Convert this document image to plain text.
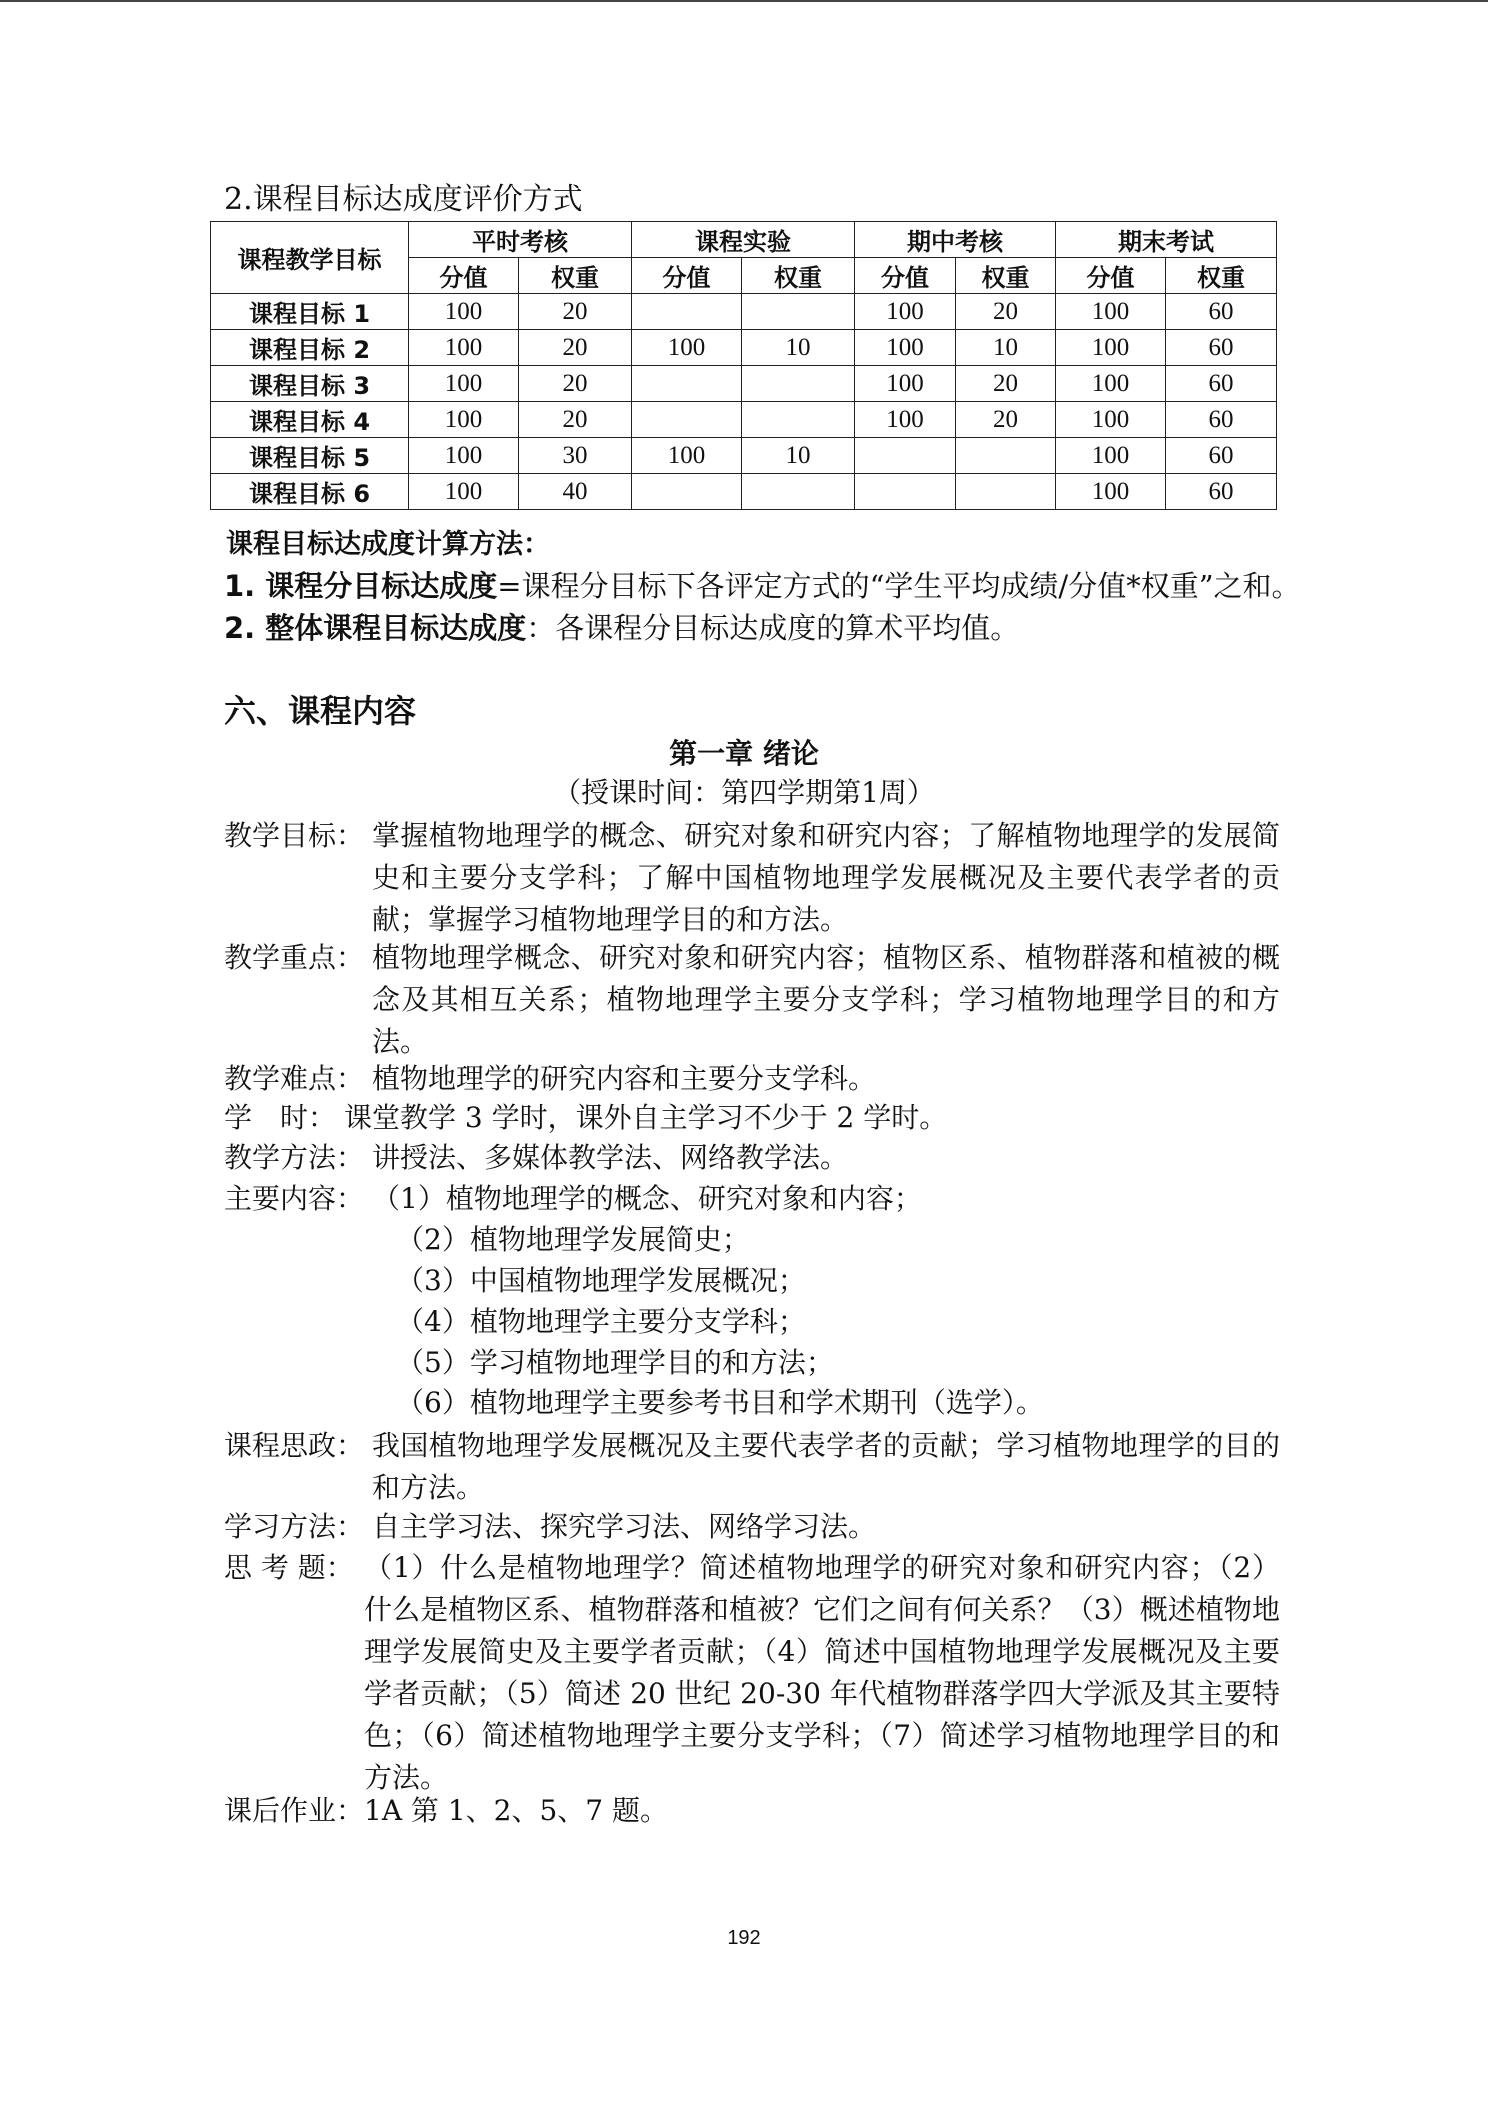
2.课程目标达成度评价方式
课程教学目标	平时考核		课程实验		期中考核		期末考试	
	分值	权重	分值	权重	分值	权重	分值	权重
课程目标 1	100	20			100	20	100	60
课程目标 2	100	20	100	10	100	10	100	60
课程目标 3	100	20			100	20	100	60
课程目标 4	100	20			100	20	100	60
课程目标 5	100	30	100	10			100	60
课程目标 6	100	40					100	60
课程目标达成度计算方法：
1. 课程分目标达成度=课程分目标下各评定方式的“学生平均成绩/分值*权重”之和。
2. 整体课程目标达成度：各课程分目标达成度的算术平均值。
六、课程内容
第一章 绪论
（授课时间：第四学期第1周）
教学目标： 掌握植物地理学的概念、研究对象和研究内容；了解植物地理学的发展简史和主要分支学科；了解中国植物地理学发展概况及主要代表学者的贡献；掌握学习植物地理学目的和方法。
教学重点： 植物地理学概念、研究对象和研究内容；植物区系、植物群落和植被的概念及其相互关系；植物地理学主要分支学科；学习植物地理学目的和方法。
教学难点： 植物地理学的研究内容和主要分支学科。
学　时： 课堂教学 3 学时，课外自主学习不少于 2 学时。
教学方法： 讲授法、多媒体教学法、网络教学法。
主要内容： （1）植物地理学的概念、研究对象和内容；
（2）植物地理学发展简史；
（3）中国植物地理学发展概况；
（4）植物地理学主要分支学科；
（5）学习植物地理学目的和方法；
（6）植物地理学主要参考书目和学术期刊（选学）。
课程思政： 我国植物地理学发展概况及主要代表学者的贡献；学习植物地理学的目的和方法。
学习方法： 自主学习法、探究学习法、网络学习法。
思 考 题： （1）什么是植物地理学？简述植物地理学的研究对象和研究内容；（2）什么是植物区系、植物群落和植被？它们之间有何关系？（3）概述植物地理学发展简史及主要学者贡献；（4）简述中国植物地理学发展概况及主要学者贡献；（5）简述 20 世纪 20-30 年代植物群落学四大学派及其主要特色；（6）简述植物地理学主要分支学科；（7）简述学习植物地理学目的和方法。
课后作业： 1A 第 1、2、5、7 题。
192
